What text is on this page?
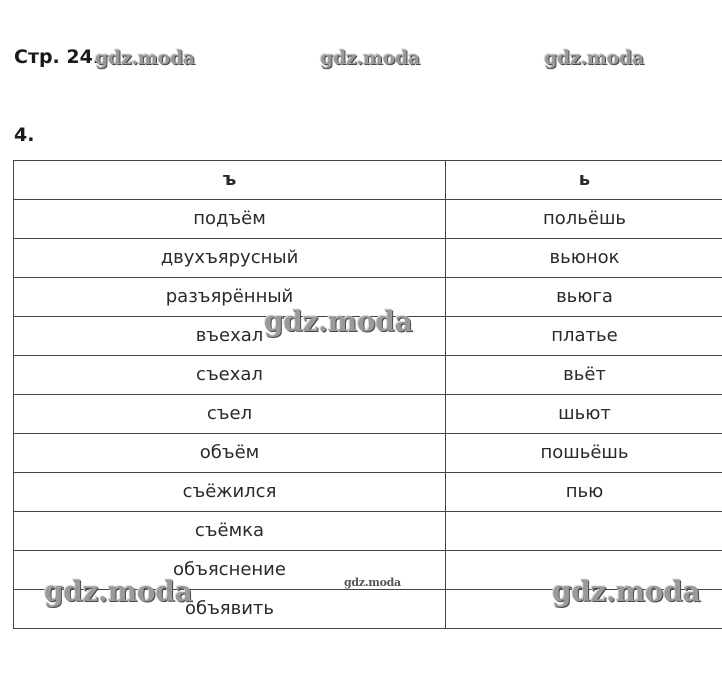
Стр. 24.
gdz.moda	gdz.moda	gdz.moda
4.
ъ	ь
подъём	польёшь
двухъярусный	вьюнок
разъярённый	вьюга
въехал	платье
съехал	вьёт
съел	шьют
объём	пошьёшь
съёжился	пью
съёмка	
объяснение	
объявить	
gdz.moda
gdz.moda	gdz.moda	gdz.moda
